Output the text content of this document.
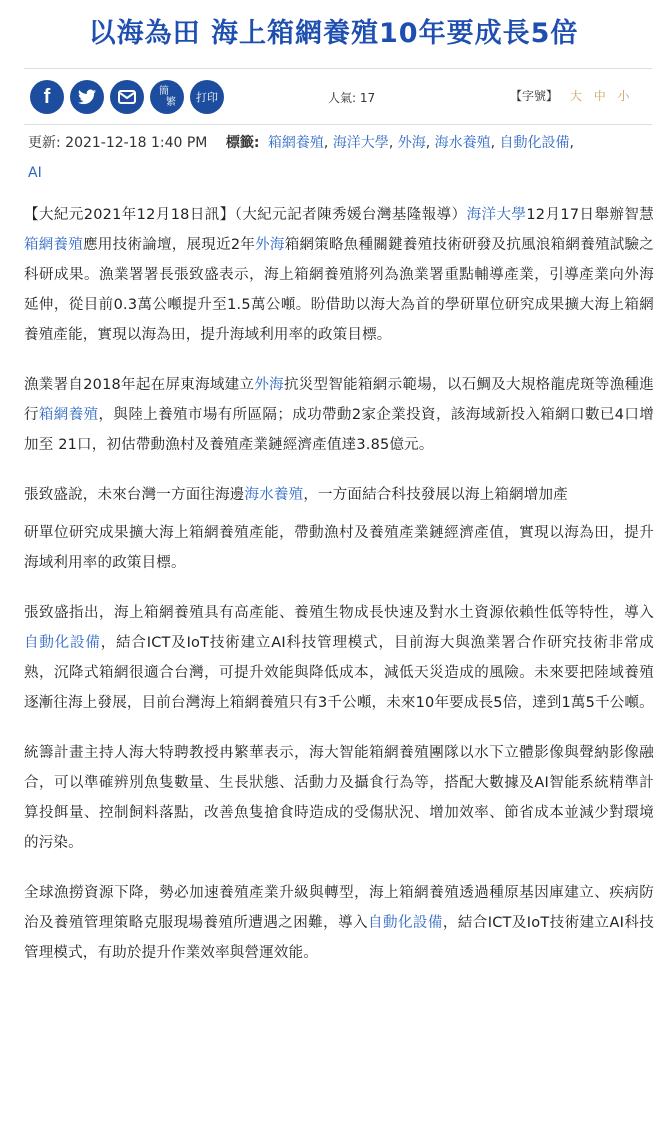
以海為田 海上箱網養殖10年要成長5倍
f	簡
繁 打印	人氣: 17	【字號】 大 中 小
更新: 2021-12-18 1:40 PM 標籤: 箱網養殖, 海洋大學, 外海, 海水養殖, 自動化設備,
AI

【大紀元2021年12月18日訊】（大紀元記者陳秀媛台灣基隆報導）海洋大學12月17日舉辦智慧箱網養殖應用技術論壇，展現近2年外海箱網策略魚種關鍵養殖技術研發及抗風浪箱網養殖試驗之科研成果。漁業署署長張致盛表示，海上箱網養殖將列為漁業署重點輔導產業，引導產業向外海延伸，從目前0.3萬公噸提升至1.5萬公噸。盼借助以海大為首的學研單位研究成果擴大海上箱網養殖產能，實現以海為田，提升海域利用率的政策目標。

漁業署自2018年起在屏東海域建立外海抗災型智能箱網示範場，以石鯛及大規格龍虎斑等漁種進行箱網養殖，與陸上養殖市場有所區隔；成功帶動2家企業投資，該海域新投入箱網口數已4口增加至 21口，初估帶動漁村及養殖產業鏈經濟產值達3.85億元。

張致盛說，未來台灣一方面往海邊海水養殖，一方面結合科技發展以海上箱網增加產

研單位研究成果擴大海上箱網養殖產能，帶動漁村及養殖產業鏈經濟產值，實現以海為田，提升海域利用率的政策目標。

張致盛指出，海上箱網養殖具有高產能、養殖生物成長快速及對水土資源依賴性低等特性，導入自動化設備，結合ICT及IoT技術建立AI科技管理模式，目前海大與漁業署合作研究技術非常成熟，沉降式箱網很適合台灣，可提升效能與降低成本，減低天災造成的風險。未來要把陸域養殖逐漸往海上發展，目前台灣海上箱網養殖只有3千公噸，未來10年要成長5倍，達到1萬5千公噸。

統籌計畫主持人海大特聘教授冉繁華表示，海大智能箱網養殖團隊以水下立體影像與聲納影像融合，可以準確辨別魚隻數量、生長狀態、活動力及攝食行為等，搭配大數據及AI智能系統精準計算投餌量、控制飼料落點，改善魚隻搶食時造成的受傷狀況、增加效率、節省成本並減少對環境的污染。

全球漁撈資源下降，勢必加速養殖產業升級與轉型，海上箱網養殖透過種原基因庫建立、疾病防治及養殖管理策略克服現場養殖所遭遇之困難，導入自動化設備，結合ICT及IoT技術建立AI科技管理模式，有助於提升作業效率與營運效能。
